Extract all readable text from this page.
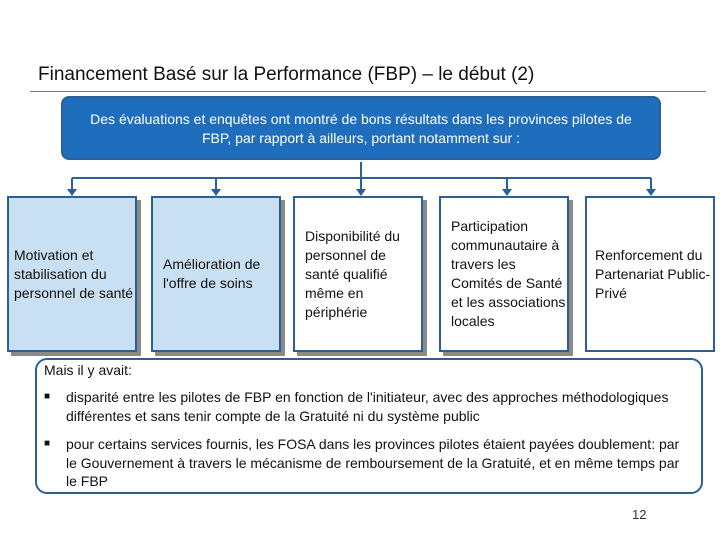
Financement Basé sur la Performance (FBP) – le début (2)
Des évaluations et enquêtes ont montré de bons résultats dans les provinces pilotes de FBP, par rapport à ailleurs, portant notamment sur :
Motivation et stabilisation du personnel de santé
Amélioration de l'offre de soins
Disponibilité du personnel de santé qualifié même en périphérie
Participation communautaire à travers les Comités de Santé et les associations locales
Renforcement du Partenariat Public-Privé
Mais il y avait:
■ disparité entre les pilotes de FBP en fonction de l'initiateur, avec des approches méthodologiques différentes et sans tenir compte de la Gratuité ni du système public
■ pour certains services fournis, les FOSA dans les provinces pilotes étaient payées doublement: par le Gouvernement à travers le mécanisme de remboursement de la Gratuité, et en même temps par le FBP
12
